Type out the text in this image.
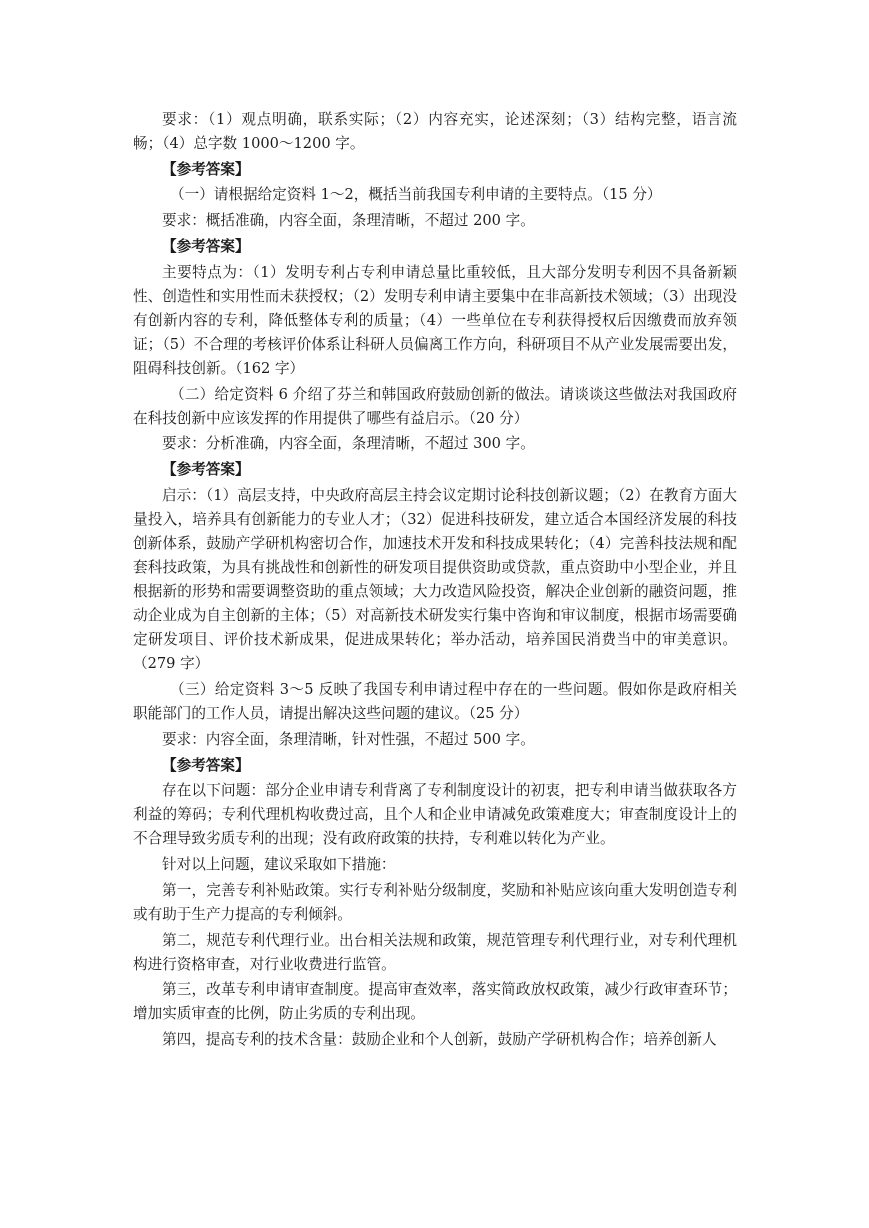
要求：（1）观点明确，联系实际；（2）内容充实，论述深刻；（3）结构完整，语言流畅；（4）总字数 1000～1200 字。

【参考答案】

（一）请根据给定资料 1～2，概括当前我国专利申请的主要特点。（15 分）

要求：概括准确，内容全面，条理清晰，不超过 200 字。

【参考答案】

主要特点为：（1）发明专利占专利申请总量比重较低，且大部分发明专利因不具备新颖性、创造性和实用性而未获授权；（2）发明专利申请主要集中在非高新技术领域；（3）出现没有创新内容的专利，降低整体专利的质量；（4）一些单位在专利获得授权后因缴费而放弃领证；（5）不合理的考核评价体系让科研人员偏离工作方向，科研项目不从产业发展需要出发，阻碍科技创新。（162 字）

（二）给定资料 6 介绍了芬兰和韩国政府鼓励创新的做法。请谈谈这些做法对我国政府在科技创新中应该发挥的作用提供了哪些有益启示。（20 分）

要求：分析准确，内容全面，条理清晰，不超过 300 字。

【参考答案】

启示：（1）高层支持，中央政府高层主持会议定期讨论科技创新议题；（2）在教育方面大量投入，培养具有创新能力的专业人才；（32）促进科技研发，建立适合本国经济发展的科技创新体系，鼓励产学研机构密切合作，加速技术开发和科技成果转化；（4）完善科技法规和配套科技政策，为具有挑战性和创新性的研发项目提供资助或贷款，重点资助中小型企业，并且根据新的形势和需要调整资助的重点领域；大力改造风险投资，解决企业创新的融资问题，推动企业成为自主创新的主体；（5）对高新技术研发实行集中咨询和审议制度，根据市场需要确定研发项目、评价技术新成果，促进成果转化；举办活动，培养国民消费当中的审美意识。（279 字）

（三）给定资料 3～5 反映了我国专利申请过程中存在的一些问题。假如你是政府相关职能部门的工作人员，请提出解决这些问题的建议。（25 分）

要求：内容全面，条理清晰，针对性强，不超过 500 字。

【参考答案】

存在以下问题：部分企业申请专利背离了专利制度设计的初衷，把专利申请当做获取各方利益的筹码；专利代理机构收费过高，且个人和企业申请减免政策难度大；审查制度设计上的不合理导致劣质专利的出现；没有政府政策的扶持，专利难以转化为产业。

针对以上问题，建议采取如下措施：

第一，完善专利补贴政策。实行专利补贴分级制度，奖励和补贴应该向重大发明创造专利或有助于生产力提高的专利倾斜。

第二，规范专利代理行业。出台相关法规和政策，规范管理专利代理行业，对专利代理机构进行资格审查，对行业收费进行监管。

第三，改革专利申请审查制度。提高审查效率，落实简政放权政策，减少行政审查环节；增加实质审查的比例，防止劣质的专利出现。

第四，提高专利的技术含量：鼓励企业和个人创新，鼓励产学研机构合作；培养创新人
